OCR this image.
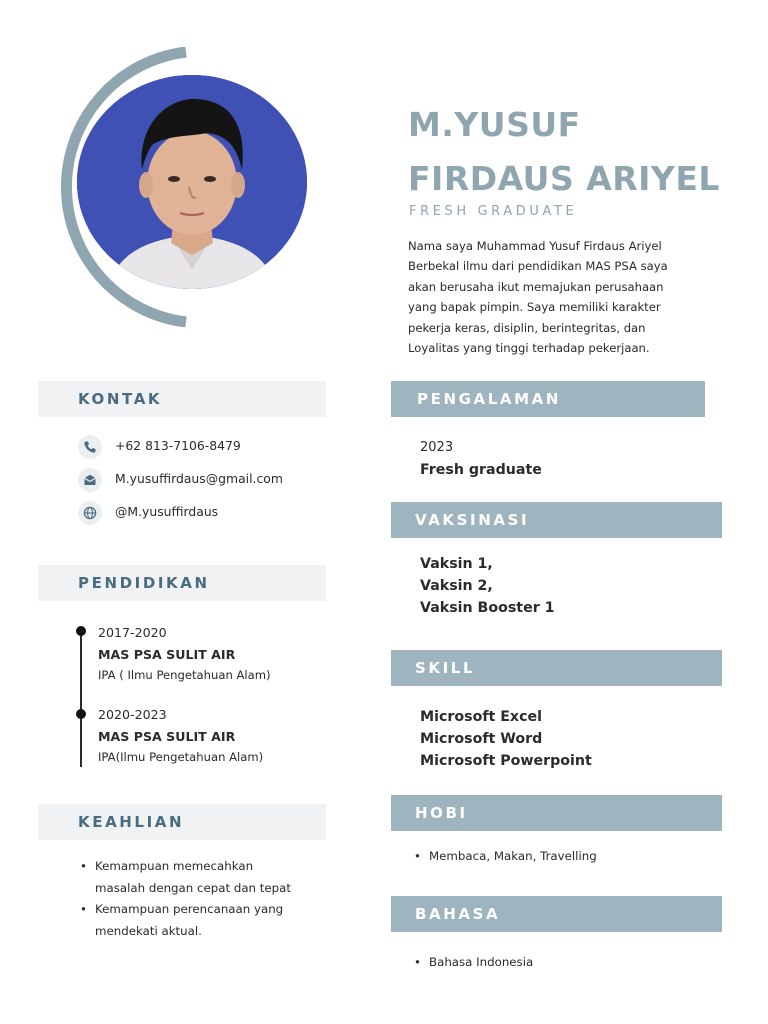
M.YUSUF
FIRDAUS ARIYEL
FRESH GRADUATE
Nama saya Muhammad Yusuf Firdaus Ariyel
Berbekal ilmu dari pendidikan MAS PSA saya
akan berusaha ikut memajukan perusahaan
yang bapak pimpin. Saya memiliki karakter
pekerja keras, disiplin, berintegritas, dan
Loyalitas yang tinggi terhadap pekerjaan.
KONTAK
+62 813-7106-8479
M.yusuffirdaus@gmail.com
@M.yusuffirdaus
PENDIDIKAN
2017-2020
MAS PSA SULIT AIR
IPA ( Ilmu Pengetahuan Alam)
2020-2023
MAS PSA SULIT AIR
IPA(Ilmu Pengetahuan Alam)
KEAHLIAN
• Kemampuan memecahkan
masalah dengan cepat dan tepat
• Kemampuan perencanaan yang
mendekati aktual.
PENGALAMAN
2023
Fresh graduate
VAKSINASI
Vaksin 1,
Vaksin 2,
Vaksin Booster 1
SKILL
Microsoft Excel
Microsoft Word
Microsoft Powerpoint
HOBI
• Membaca, Makan, Travelling
BAHASA
• Bahasa Indonesia
